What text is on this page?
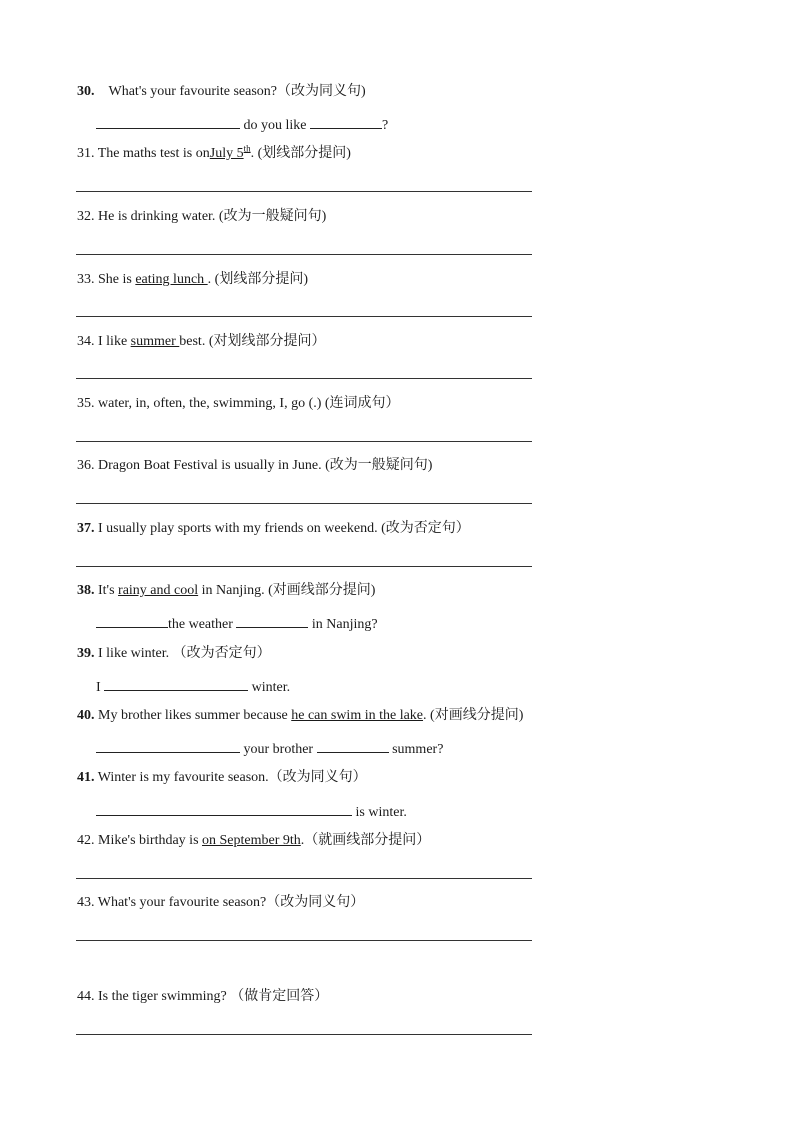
30. What's your favourite season?（改为同义句)
do you like	?
31. The maths test is onJuly 5th. (划线部分提问)
32. He is drinking water. (改为一般疑问句)
33. She is eating lunch . (划线部分提问)
34. I like summer best. (对划线部分提问）
35. water, in, often, the, swimming, I, go (.) (连词成句）
36. Dragon Boat Festival is usually in June. (改为一般疑问句)
37. I usually play sports with my friends on weekend. (改为否定句）
38. It's rainy and cool in Nanjing. (对画线部分提问)
the weather	in Nanjing?
39. I like winter. （改为否定句）
I	winter.
40. My brother likes summer because he can swim in the lake. (对画线分提问)
your brother	summer?
41. Winter is my favourite season.（改为同义句）
is winter.
42. Mike's birthday is on September 9th.（就画线部分提问）
43. What's your favourite season?（改为同义句）
44. Is the tiger swimming? （做肯定回答）
